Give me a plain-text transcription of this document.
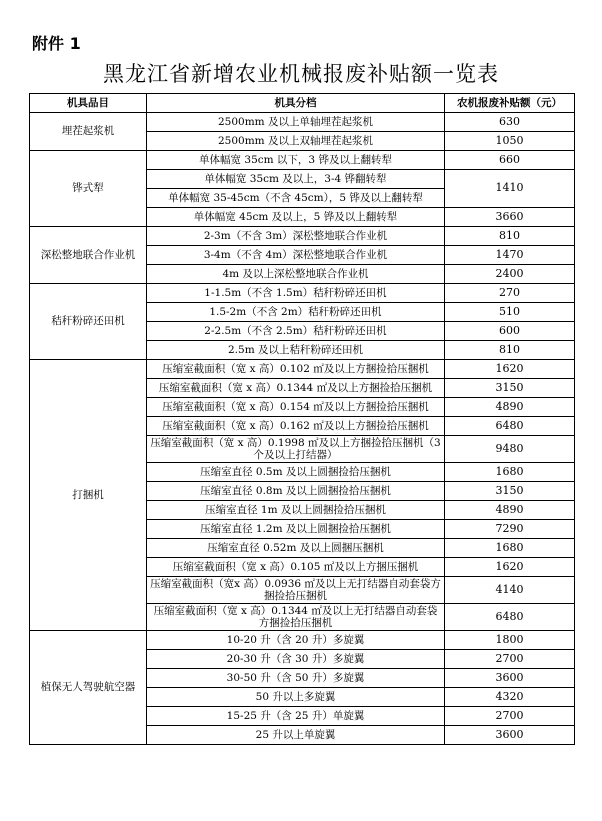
附件 1
黑龙江省新增农业机械报废补贴额一览表
机具品目	机具分档	农机报废补贴额（元）
埋茬起浆机	2500mm 及以上单轴埋茬起浆机	630
	2500mm 及以上双轴埋茬起浆机	1050
铧式犁	单体幅宽 35cm 以下，3 铧及以上翻转犁	660
	单体幅宽 35cm 及以上，3-4 铧翻转犁	1410
	单体幅宽 35-45cm（不含 45cm），5 铧及以上翻转犁	
	单体幅宽 45cm 及以上，5 铧及以上翻转犁	3660
深松整地联合作业机	2-3m（不含 3m）深松整地联合作业机	810
	3-4m（不含 4m）深松整地联合作业机	1470
	4m 及以上深松整地联合作业机	2400
秸秆粉碎还田机	1-1.5m（不含 1.5m）秸秆粉碎还田机	270
	1.5-2m（不含 2m）秸秆粉碎还田机	510
	2-2.5m（不含 2.5m）秸秆粉碎还田机	600
	2.5m 及以上秸秆粉碎还田机	810
打捆机	压缩室截面积（宽 x 高）0.102 ㎡及以上方捆捡拾压捆机	1620
	压缩室截面积（宽 x 高）0.1344 ㎡及以上方捆捡拾压捆机	3150
	压缩室截面积（宽 x 高）0.154 ㎡及以上方捆捡拾压捆机	4890
	压缩室截面积（宽 x 高）0.162 ㎡及以上方捆捡拾压捆机	6480
	压缩室截面积（宽 x 高）0.1998 ㎡及以上方捆捡拾压捆机（3 个及以上打结器）	9480
	压缩室直径 0.5m 及以上圆捆捡拾压捆机	1680
	压缩室直径 0.8m 及以上圆捆捡拾压捆机	3150
	压缩室直径 1m 及以上圆捆捡拾压捆机	4890
	压缩室直径 1.2m 及以上圆捆捡拾压捆机	7290
	压缩室直径 0.52m 及以上圆捆压捆机	1680
	压缩室截面积（宽 x 高）0.105 ㎡及以上方捆压捆机	1620
	压缩室截面积（宽x 高）0.0936 ㎡及以上无打结器自动套袋方捆捡拾压捆机	4140
	压缩室截面积（宽 x 高）0.1344 ㎡及以上无打结器自动套袋方捆捡拾压捆机	6480
植保无人驾驶航空器	10-20 升（含 20 升）多旋翼	1800
	20-30 升（含 30 升）多旋翼	2700
	30-50 升（含 50 升）多旋翼	3600
	50 升以上多旋翼	4320
	15-25 升（含 25 升）单旋翼	2700
	25 升以上单旋翼	3600
